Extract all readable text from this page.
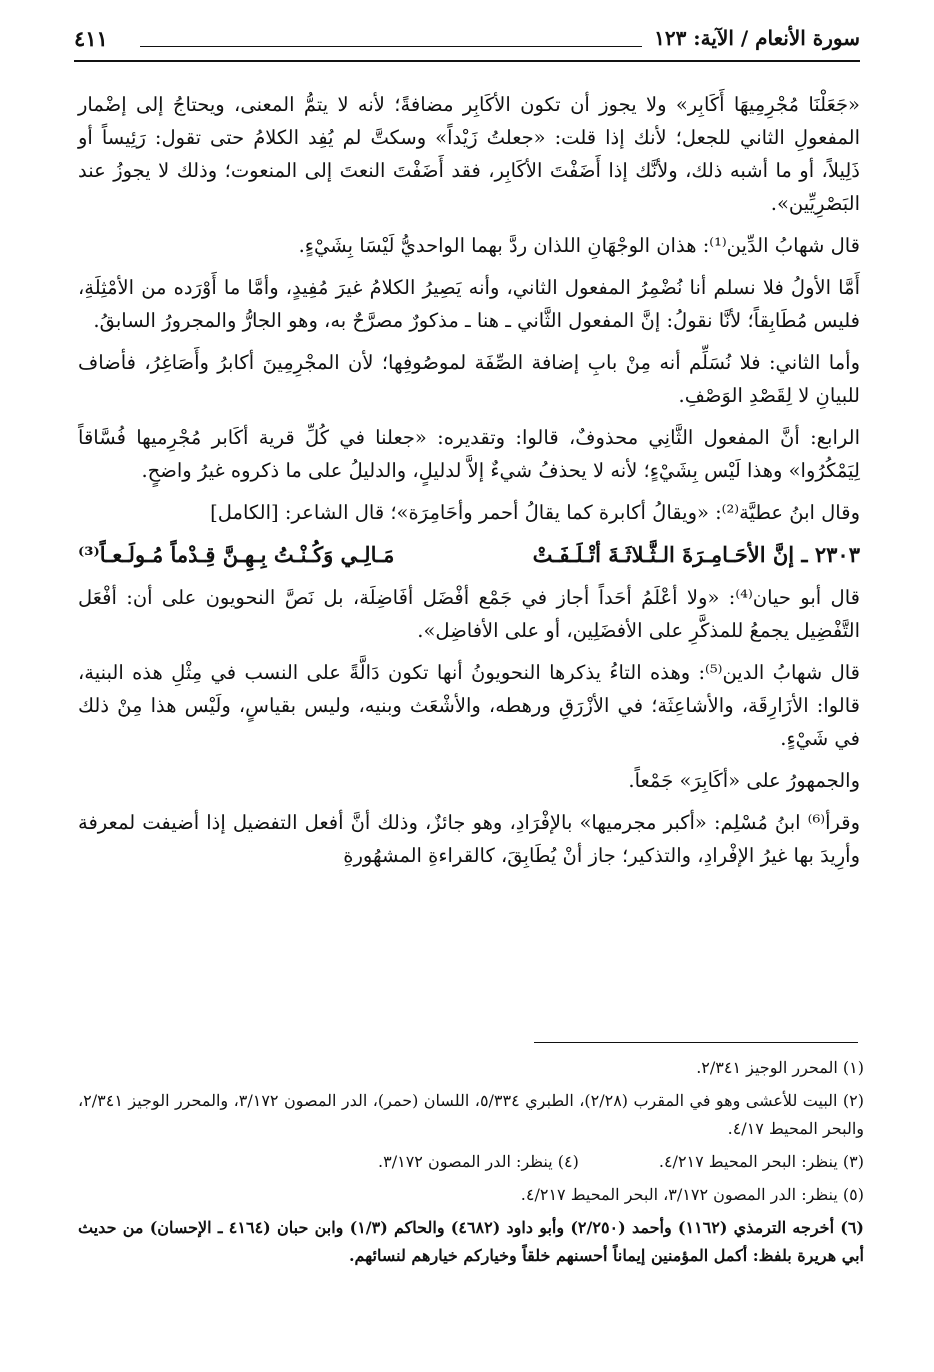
سورة الأنعام / الآية: ١٢٣
٤١١

«جَعَلْنَا مُجْرِمِيهَا أَكَابِر» ولا يجوز أن تكون الأكَابِر مضافةً؛ لأنه لا يتمُّ المعنى، ويحتاجُ إلى إضْمار المفعولِ الثاني للجعل؛ لأنك إذا قلت: «جعلتُ زَيْداً» وسكتَّ لم يُفِد الكلامُ حتى تقول: رَئِيساً أو ذَلِيلاً، أو ما أشبه ذلك، ولأنَّك إذا أَضَفْتَ الأكَابِر، فقد أَضَفْتَ النعتَ إلى المنعوت؛ وذلك لا يجوزُ عند البَصْرِيِّين».

قال شهابُ الدِّين⁽¹⁾: هذان الوجْهَانِ اللذان ردَّ بهما الواحديُّ لَيْسَا بِشَيْءٍ.

أَمَّا الأولُ فلا نسلم أنا نُضْمِرُ المفعول الثاني، وأنه يَصِيرُ الكلامُ غيرَ مُفِيدٍ، وأمَّا ما أَوْرَده من الأمْثِلَةِ، فليس مُطَابِقاً؛ لأنَّا نقولُ: إنَّ المفعول الثَّاني ـ هنا ـ مذكورٌ مصرَّحٌ به، وهو الجارُّ والمجرورُ السابقُ.

وأما الثاني: فلا نُسَلِّم أنه مِنْ بابِ إضافة الصِّفَة لموصُوفِها؛ لأن المجْرِمِينَ أكابرُ وأَصَاغِرُ، فأضاف للبيانِ لا لِقَصْدِ الوَصْفِ.

الرابع: أنَّ المفعول الثَّانِي محذوفٌ، قالوا: وتقديره: «جعلنا في كُلِّ قرية أكَابر مُجْرِميها فُسَّاقاً لِيَمْكُرُوا» وهذا لَيْس بِشَيْءٍ؛ لأنه لا يحذفُ شيءٌ إلاَّ لدليلٍ، والدليلُ على ما ذكروه غيرُ واضحٍ.

وقال ابنُ عطيَّة⁽²⁾: «ويقالُ أكابرة كما يقالُ أحمر وأحَامِرَة»؛ قال الشاعر: [الكامل]

٢٣٠٣ ـ إنَّ الأحَـامِـرَةَ الـثَّـلاثَـةَ أتْـلَـفَـتْ
مَـالِـي وَكُـنْـتُ بِـهِـنَّ قِـدْماً مُـولَـعـاً⁽³⁾

قال أبو حيان⁽⁴⁾: «ولا أعْلَمُ أحَداً أجاز في جَمْع أفْضَل أفَاضِلَة، بل نَصَّ النحويون على أن: أفْعَل التَّفْضِيل يجمعُ للمذكَّرِ على الأفضَلِين، أو على الأفاضِل».

قال شهابُ الدين⁽⁵⁾: وهذه التاءُ يذكرها النحويونُ أنها تكون دَالَّةً على النسب في مِثْلِ هذه البنية، قالوا: الأزَارِقَة، والأشاعِثَة؛ في الأزْرَقِ ورهطه، والأشْعَث وبنيه، وليس بقياسٍ، ولَيْس هذا مِنْ ذلك في شَيْءٍ.

والجمهورُ على «أكَابِرَ» جَمْعاً.

وقرأ⁽⁶⁾ ابنُ مُسْلِم: «أكبر مجرميها» بالإفْرَادِ، وهو جائزٌ، وذلك أنَّ أفعل التفضيل إذا أضيفت لمعرفة وأرِيدَ بها غيرُ الإفْرادِ، والتذكير؛ جاز أنْ يُطَابِقَ، كالقراءةِ المشهُورةِ

(١) المحرر الوجيز ٢/٣٤١.
(٢) البيت للأعشى وهو في المقرب (٢/٢٨)، الطبري ٥/٣٣٤، اللسان (حمر)، الدر المصون ٣/١٧٢، والمحرر الوجيز ٢/٣٤١، والبحر المحيط ٤/١٧.
(٣) ينظر: البحر المحيط ٤/٢١٧.
(٤) ينظر: الدر المصون ٣/١٧٢.
(٥) ينظر: الدر المصون ٣/١٧٢، البحر المحيط ٤/٢١٧.
(٦) أخرجه الترمذي (١١٦٢) وأحمد (٢/٢٥٠) وأبو داود (٤٦٨٢) والحاكم (١/٣) وابن حبان (٤١٦٤ ـ الإحسان) من حديث أبي هريرة بلفظ: أكمل المؤمنين إيماناً أحسنهم خلقاً وخياركم خيارهم لنسائهم.
